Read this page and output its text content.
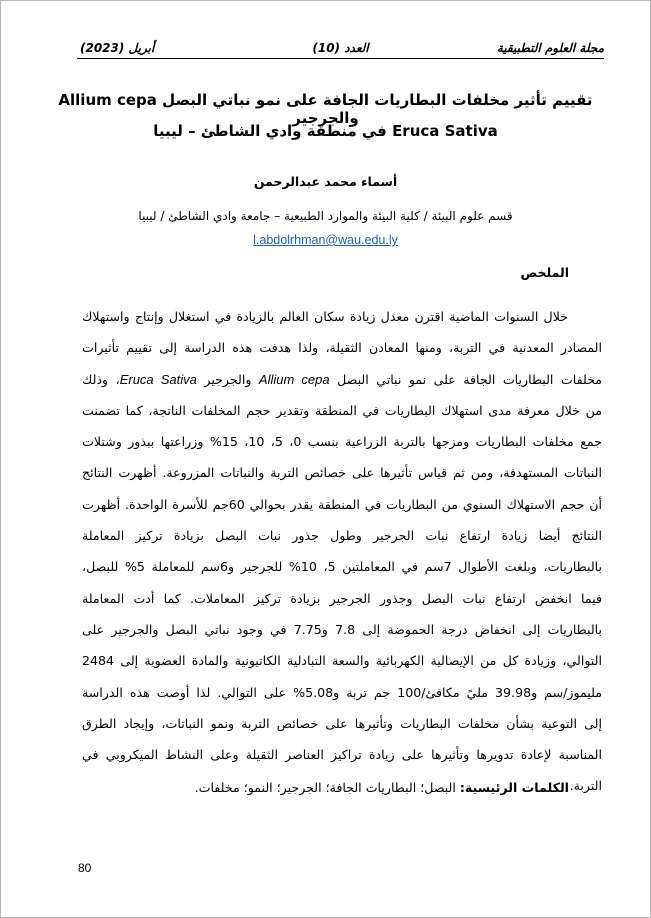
مجلة العلوم التطبيقية
العدد (10)
أبريل (2023)
تقييم تأثير مخلفات البطاريات الجافة على نمو نباتي البصل Allium cepa والجرجير
Eruca Sativa في منطقة وادي الشاطئ – ليبيا
أسماء محمد عبدالرحمن
قسم علوم البيئة / كلية البيئة والموارد الطبيعية – جامعة وادي الشاطئ / ليبيا
l.abdolrhman@wau.edu.ly
الملخص
خلال السنوات الماضية اقترن معدل زيادة سكان العالم بالزيادة في استغلال وإنتاج واستهلاك
المصادر المعدنية في التربة، ومنها المعادن الثقيلة، ولذا هدفت هذه الدراسة إلى تقييم تأثيرات
مخلفات البطاريات الجافة على نمو نباتي البصل Allium cepa والجرجير Eruca Sativa، وذلك
من خلال معرفة مدى استهلاك البطاريات في المنطقة وتقدير حجم المخلفات الناتجة، كما تضمنت
جمع مخلفات البطاريات ومزجها بالتربة الزراعية بنسب 0، 5، 10، 15% وزراعتها ببذور وشتلات
النباتات المستهدفة، ومن ثم قياس تأثيرها على خصائص التربة والنباتات المزروعة. أظهرت النتائج
أن حجم الاستهلاك السنوي من البطاريات في المنطقة يقدر بحوالي 60جم للأسرة الواحدة. أظهرت
النتائج أيضا زيادة ارتفاع نبات الجرجير وطول جذور نبات البصل بزيادة تركيز المعاملة
بالبطاريات، وبلغت الأطوال 7سم في المعاملتين 5، 10% للجرجير و6سم للمعاملة 5% للبصل،
فيما انخفض ارتفاع نبات البصل وجذور الجرجير بزيادة تركيز المعاملات. كما أدت المعاملة
بالبطاريات إلى انخفاض درجة الحموضة إلى 7.8 و7.75 في وجود نباتي البصل والجرجير على
التوالي، وزيادة كل من الإيصالية الكهربائية والسعة التبادلية الكاتيونية والمادة العضوية إلى 2484
مليموز/سم و39.98 مليً مكافئ/100 جم تربة و5.08% على التوالي. لذا أوصت هذه الدراسة
إلى التوعية بشأن مخلفات البطاريات وتأثيرها على خصائص التربة ونمو النباتات، وإيجاد الطرق
المناسبة لإعادة تدويرها وتأثيرها على زيادة تراكيز العناصر الثقيلة وعلى النشاط الميكروبي في
التربة.
الكلمات الرئيسية: البصل؛ البطاريات الجافة؛ الجرجير؛ النمو؛ مخلفات.
80
